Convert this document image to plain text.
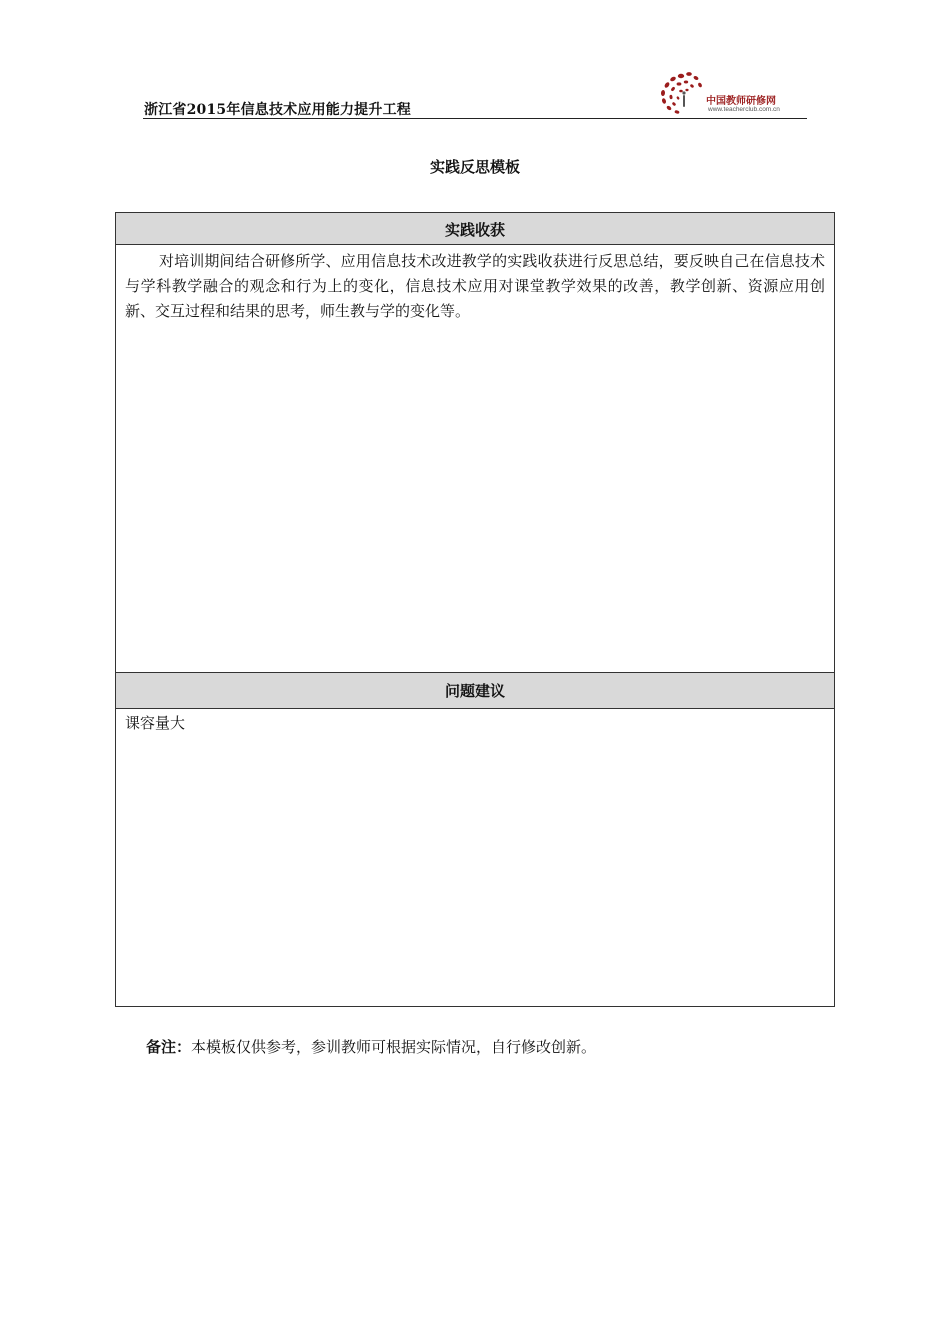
浙江省2015年信息技术应用能力提升工程
中国教师研修网
www.teacherclub.com.cn
实践反思模板
实践收获
对培训期间结合研修所学、应用信息技术改进教学的实践收获进行反思总结，要反映自己在信息技术与学科教学融合的观念和行为上的变化，信息技术应用对课堂教学效果的改善，教学创新、资源应用创新、交互过程和结果的思考，师生教与学的变化等。
问题建议
课容量大
备注：本模板仅供参考，参训教师可根据实际情况，自行修改创新。
